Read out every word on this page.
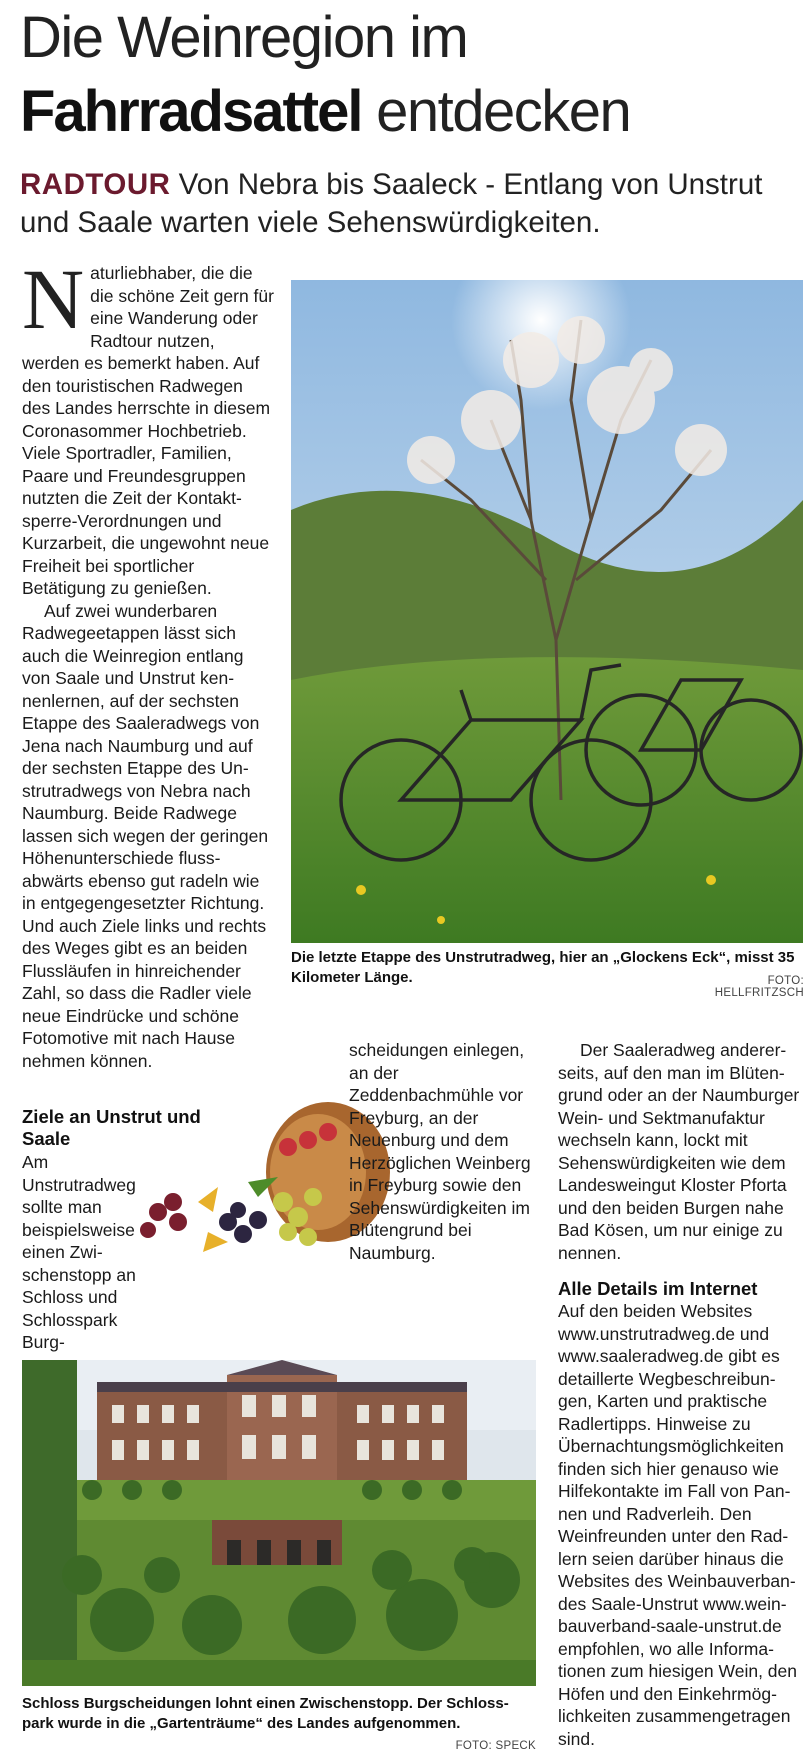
Die Weinregion im
Fahrradsattel entdecken
RADTOUR Von Nebra bis Saaleck - Entlang von Unstrut und Saale warten viele Sehenswürdigkeiten.
N aturliebhaber, die die die schöne Zeit gern für eine Wanderung oder Radtour nutzen, werden es bemerkt haben. Auf den touristischen Radwegen des Landes herrschte in diesem Coronasommer Hochbetrieb. Viele Sportradler, Familien, Paare und Freundesgruppen nutzten die Zeit der Kontaktsperre-Verordnungen und Kurzarbeit, die ungewohnt neue Freiheit bei sportlicher Betätigung zu genießen.

Auf zwei wunderbaren Radwegeetappen lässt sich auch die Weinregion entlang von Saale und Unstrut kennenlernen, auf der sechsten Etappe des Saaleradwegs von Jena nach Naumburg und auf der sechsten Etappe des Unstrutradwegs von Nebra nach Naumburg. Beide Radwege lassen sich wegen der geringen Höhenunterschiede flussabwärts ebenso gut radeln wie in entgegengesetzter Richtung. Und auch Ziele links und rechts des Weges gibt es an beiden Flussläufen in hinreichender Zahl, so dass die Radler viele neue Eindrücke und schöne Fotomotive mit nach Hause nehmen können.

Die letzte Etappe des Unstrutradweg, hier an „Glockens Eck“, misst 35 Kilometer Länge.	FOTO: HELLFRITZSCH
Ziele an Unstrut und Saale
Am Unstrutradweg sollte man beispielsweise einen Zwischenstopp an Schloss und Schlosspark Burg-
scheidungen einlegen, an der Zeddenbachmühle vor Freyburg, an der Neuenburg und dem Herzöglichen Weinberg in Freyburg sowie den Sehenswürdigkeiten im Blütengrund bei Naumburg.

Der Saaleradweg andererseits, auf den man im Blütengrund oder an der Naumburger Wein- und Sektmanufaktur wechseln kann, lockt mit Sehenswürdigkeiten wie dem Landesweingut Kloster Pforta und den beiden Burgen nahe Bad Kösen, um nur einige zu nennen.

Alle Details im Internet

Auf den beiden Websites www.unstrutradweg.de und www.saaleradweg.de gibt es detaillerte Wegbeschreibungen, Karten und praktische Radlertipps. Hinweise zu Übernachtungsmöglichkeiten finden sich hier genauso wie Hilfekontakte im Fall von Pannen und Radverleih. Den Weinfreunden unter den Radlern seien darüber hinaus die Websites des Weinbauverbandes Saale-Unstrut www.weinbauverband-saale-unstrut.de empfohlen, wo alle Informationen zum hiesigen Wein, den Höfen und den Einkehrmöglichkeiten zusammengetragen sind.

Schloss Burgscheidungen lohnt einen Zwischenstopp. Der Schlosspark wurde in die „Gartenträume“ des Landes aufgenommen.
FOTO: SPECK
